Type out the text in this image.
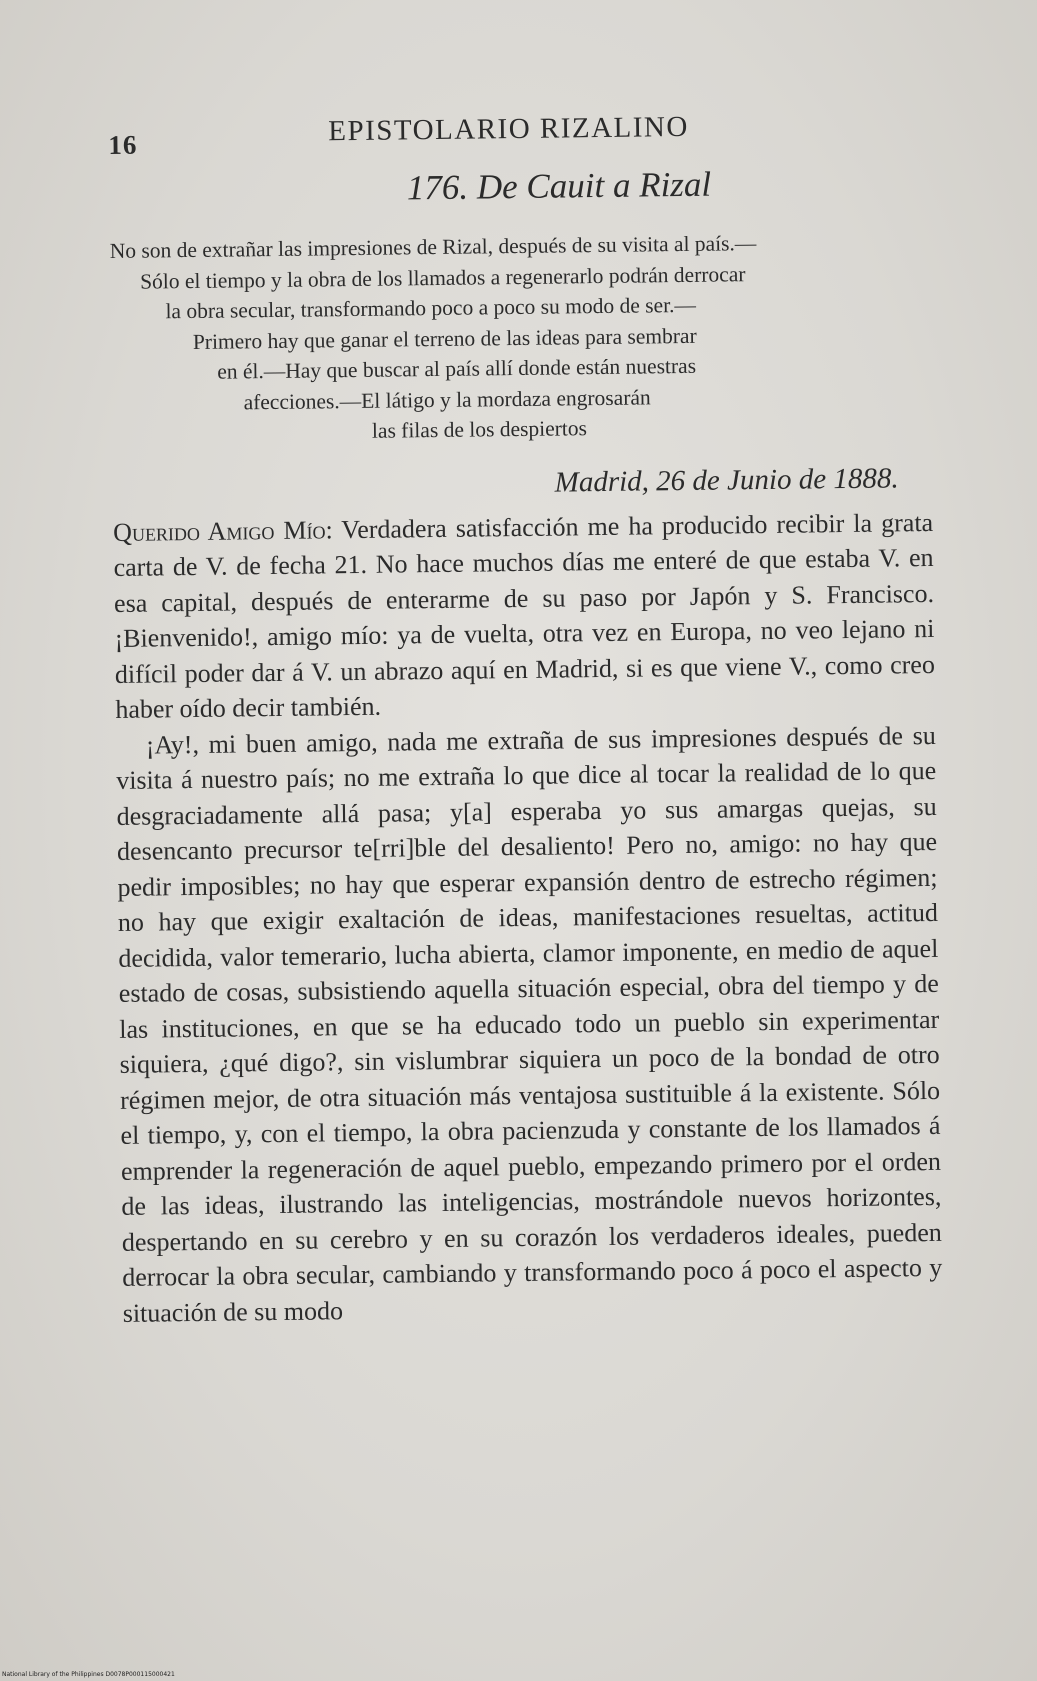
16	EPISTOLARIO RIZALINO
176. De Cauit a Rizal
No son de extrañar las impresiones de Rizal, después de su visita al país.—
Sólo el tiempo y la obra de los llamados a regenerarlo podrán derrocar
la obra secular, transformando poco a poco su modo de ser.—
Primero hay que ganar el terreno de las ideas para sembrar
en él.—Hay que buscar al país allí donde están nuestras
afecciones.—El látigo y la mordaza engrosarán
las filas de los despiertos
Madrid, 26 de Junio de 1888.

Querido Amigo Mío: Verdadera satisfacción me ha producido recibir la grata carta de V. de fecha 21. No hace muchos días me enteré de que estaba V. en esa capital, después de enterarme de su paso por Japón y S. Francisco. ¡Bienvenido!, amigo mío: ya de vuelta, otra vez en Europa, no veo lejano ni difícil poder dar á V. un abrazo aquí en Madrid, si es que viene V., como creo haber oído decir también.

¡Ay!, mi buen amigo, nada me extraña de sus impresiones después de su visita á nuestro país; no me extraña lo que dice al tocar la realidad de lo que desgraciadamente allá pasa; y[a] esperaba yo sus amargas quejas, su desencanto precursor te[rri]ble del desaliento! Pero no, amigo: no hay que pedir imposibles; no hay que esperar expansión dentro de estrecho régimen; no hay que exigir exaltación de ideas, manifestaciones resueltas, actitud decidida, valor temerario, lucha abierta, clamor imponente, en medio de aquel estado de cosas, subsistiendo aquella situación especial, obra del tiempo y de las instituciones, en que se ha educado todo un pueblo sin experimentar siquiera, ¿qué digo?, sin vislumbrar siquiera un poco de la bondad de otro régimen mejor, de otra situación más ventajosa sustituible á la existente. Sólo el tiempo, y, con el tiempo, la obra pacienzuda y constante de los llamados á emprender la regeneración de aquel pueblo, empezando primero por el orden de las ideas, ilustrando las inteligencias, mostrándole nuevos horizontes, despertando en su cerebro y en su corazón los verdaderos ideales, pueden derrocar la obra secular, cambiando y transformando poco á poco el aspecto y situación de su modo

National Library of the Philippines D0078P000115000421
